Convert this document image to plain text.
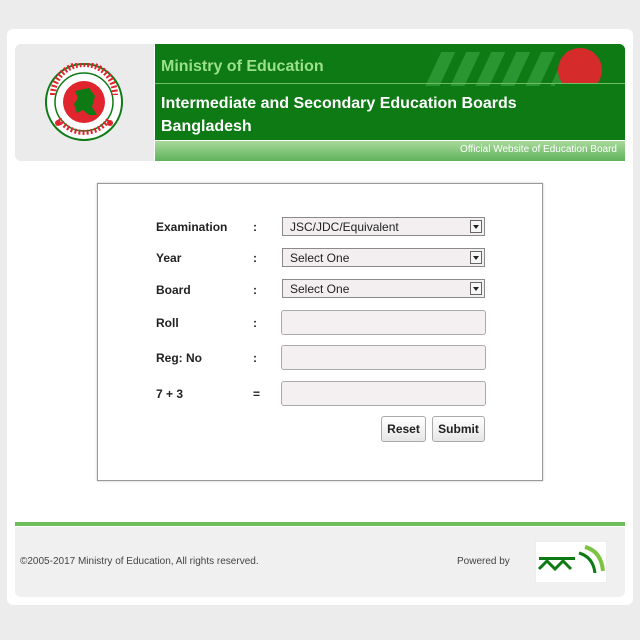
Ministry of Education
Intermediate and Secondary Education Boards Bangladesh
Official Website of Education Board
Examination :	JSC/JDC/Equivalent
Year	:	Select One
Board	:	Select One
Roll	:
Reg: No	:
7 + 3	=
Reset	Submit
©2005-2017 Ministry of Education, All rights reserved.	Powered by
